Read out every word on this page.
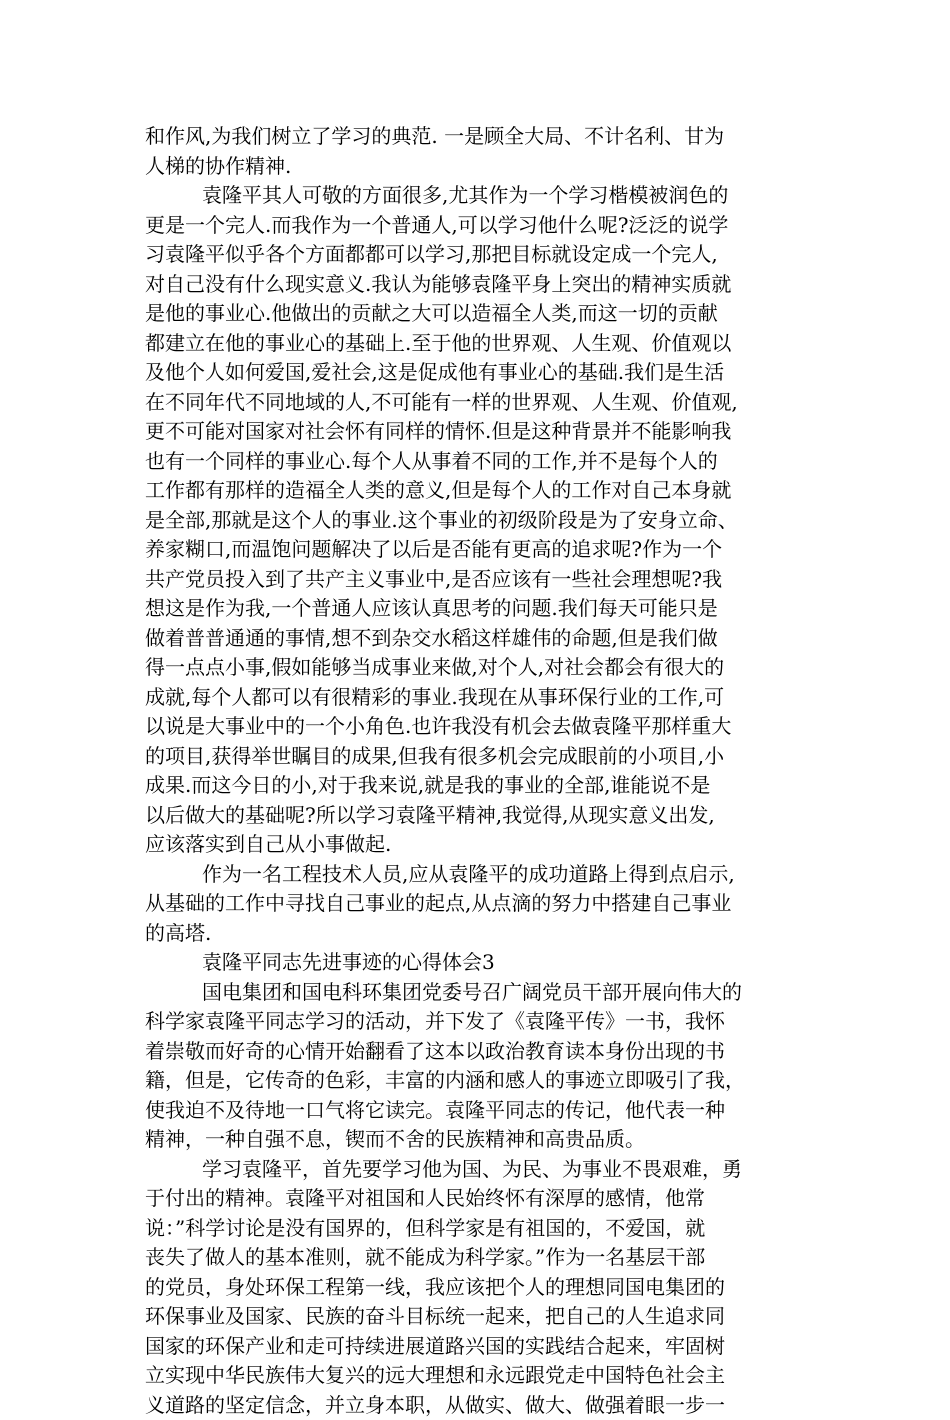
和作风,为我们树立了学习的典范. 一是顾全大局、不计名利、甘为
人梯的协作精神.
袁隆平其人可敬的方面很多,尤其作为一个学习楷模被润色的
更是一个完人.而我作为一个普通人,可以学习他什么呢?泛泛的说学
习袁隆平似乎各个方面都都可以学习,那把目标就设定成一个完人,
对自己没有什么现实意义.我认为能够袁隆平身上突出的精神实质就
是他的事业心.他做出的贡献之大可以造福全人类,而这一切的贡献
都建立在他的事业心的基础上.至于他的世界观、人生观、价值观以
及他个人如何爱国,爱社会,这是促成他有事业心的基础.我们是生活
在不同年代不同地域的人,不可能有一样的世界观、人生观、价值观,
更不可能对国家对社会怀有同样的情怀.但是这种背景并不能影响我
也有一个同样的事业心.每个人从事着不同的工作,并不是每个人的
工作都有那样的造福全人类的意义,但是每个人的工作对自己本身就
是全部,那就是这个人的事业.这个事业的初级阶段是为了安身立命、
养家糊口,而温饱问题解决了以后是否能有更高的追求呢?作为一个
共产党员投入到了共产主义事业中,是否应该有一些社会理想呢?我
想这是作为我,一个普通人应该认真思考的问题.我们每天可能只是
做着普普通通的事情,想不到杂交水稻这样雄伟的命题,但是我们做
得一点点小事,假如能够当成事业来做,对个人,对社会都会有很大的
成就,每个人都可以有很精彩的事业.我现在从事环保行业的工作,可
以说是大事业中的一个小角色.也许我没有机会去做袁隆平那样重大
的项目,获得举世瞩目的成果,但我有很多机会完成眼前的小项目,小
成果.而这今日的小,对于我来说,就是我的事业的全部,谁能说不是
以后做大的基础呢?所以学习袁隆平精神,我觉得,从现实意义出发,
应该落实到自己从小事做起.
作为一名工程技术人员,应从袁隆平的成功道路上得到点启示,
从基础的工作中寻找自己事业的起点,从点滴的努力中搭建自己事业
的高塔.
袁隆平同志先进事迹的心得体会3
国电集团和国电科环集团党委号召广阔党员干部开展向伟大的
科学家袁隆平同志学习的活动，并下发了《袁隆平传》一书，我怀
着崇敬而好奇的心情开始翻看了这本以政治教育读本身份出现的书
籍，但是，它传奇的色彩，丰富的内涵和感人的事迹立即吸引了我，
使我迫不及待地一口气将它读完。袁隆平同志的传记，他代表一种
精神，一种自强不息，锲而不舍的民族精神和高贵品质。
学习袁隆平，首先要学习他为国、为民、为事业不畏艰难，勇
于付出的精神。袁隆平对祖国和人民始终怀有深厚的感情，他常
说：”科学讨论是没有国界的，但科学家是有祖国的，不爱国，就
丧失了做人的基本准则，就不能成为科学家。”作为一名基层干部
的党员，身处环保工程第一线，我应该把个人的理想同国电集团的
环保事业及国家、民族的奋斗目标统一起来，把自己的人生追求同
国家的环保产业和走可持续进展道路兴国的实践结合起来，牢固树
立实现中华民族伟大复兴的远大理想和永远跟党走中国特色社会主
义道路的坚定信念，并立身本职，从做实、做大、做强着眼一步一
